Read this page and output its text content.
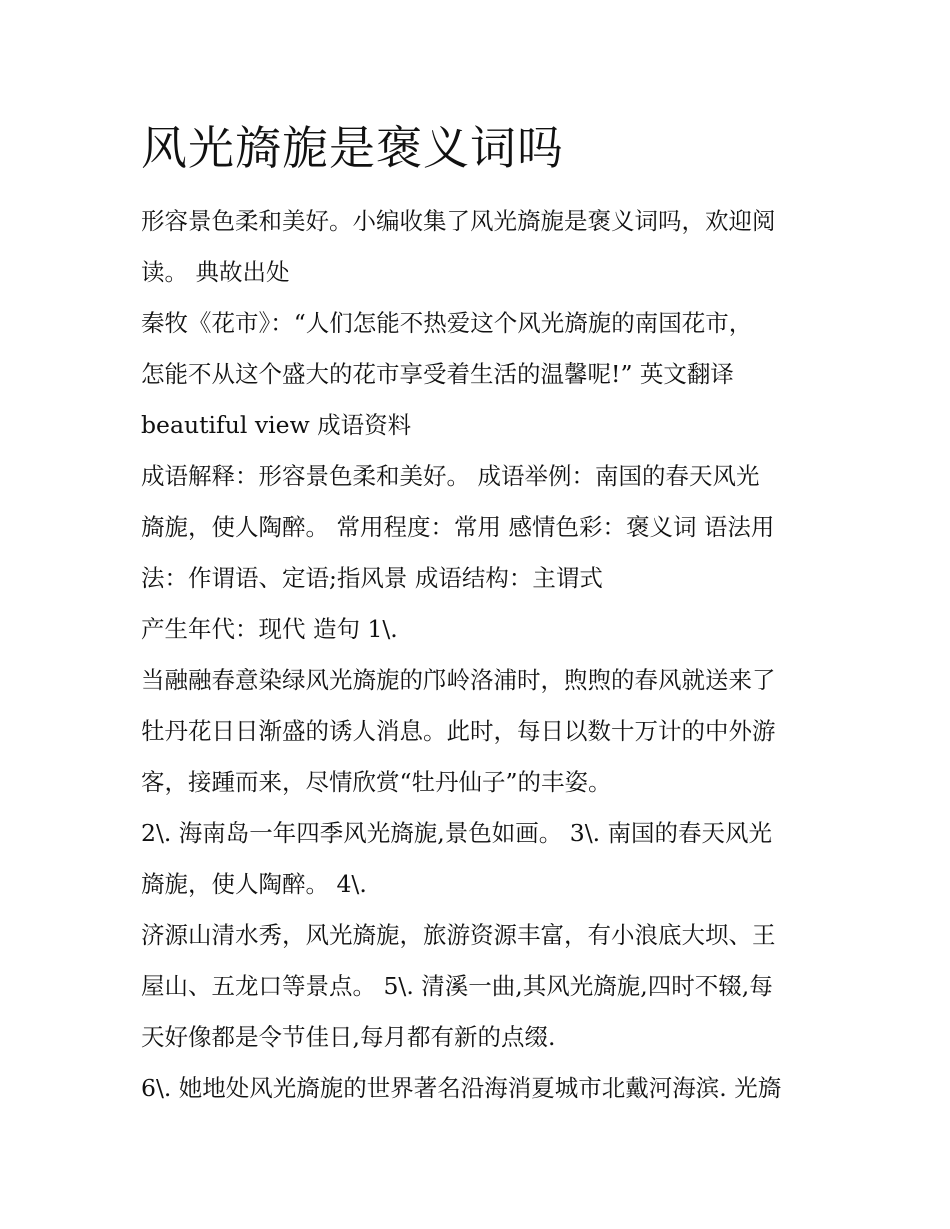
风光旖旎是褒义词吗
形容景色柔和美好。小编收集了风光旖旎是褒义词吗，欢迎阅
读。 典故出处
秦牧《花市》：“人们怎能不热爱这个风光旖旎的南国花市，
怎能不从这个盛大的花市享受着生活的温馨呢!” 英文翻译
beautiful view 成语资料
成语解释：形容景色柔和美好。 成语举例：南国的春天风光
旖旎，使人陶醉。 常用程度：常用 感情色彩：褒义词 语法用
法：作谓语、定语;指风景 成语结构：主谓式
产生年代：现代 造句 1\.
当融融春意染绿风光旖旎的邝岭洛浦时，煦煦的春风就送来了
牡丹花日日渐盛的诱人消息。此时，每日以数十万计的中外游
客，接踵而来，尽情欣赏“牡丹仙子”的丰姿。
2\. 海南岛一年四季风光旖旎,景色如画。 3\. 南国的春天风光
旖旎，使人陶醉。 4\.
济源山清水秀，风光旖旎，旅游资源丰富，有小浪底大坝、王
屋山、五龙口等景点。 5\. 清溪一曲,其风光旖旎,四时不辍,每
天好像都是令节佳日,每月都有新的点缀.
6\. 她地处风光旖旎的世界著名沿海消夏城市北戴河海滨. 光旖
